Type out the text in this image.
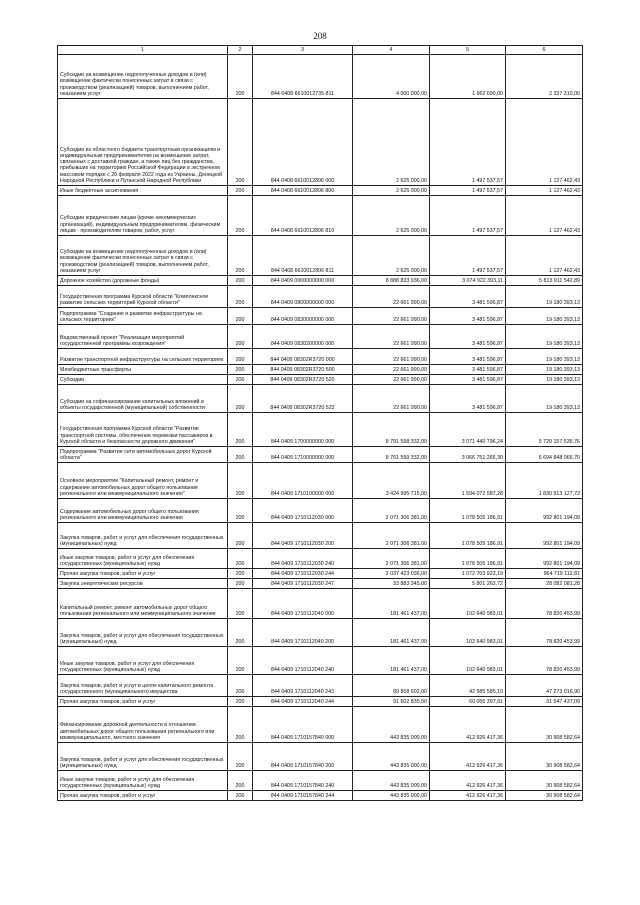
208
1	2	3	4	5	6
Субсидии на возмещение недополученных доходов и (или) возмещение фактически понесенных затрат в связи с производством (реализацией) товаров, выполнением работ, оказанием услуг	200	844 0408 6610012735 811	4 000 000,00	1 662 690,00	2 337 310,00
Субсидии из областного бюджета транспортным организациям и индивидуальным предпринимателям на возмещение затрат, связанных с доставкой граждан, а также лиц без гражданства, прибывших на территорию Российской Федерации в экстренном массовом порядке с 20 февраля 2022 года из Украины, Донецкой Народной Республики и Луганской Народной Республики	200	844 0408 6610012806 000	2 625 000,00	1 497 537,57	1 127 462,43
Иные бюджетные ассигнования	200	844 0408 6610012806 800	2 625 000,00	1 497 537,57	1 127 462,43
Субсидии юридическим лицам (кроме некоммерческих организаций), индивидуальным предпринимателям, физическим лицам - производителям товаров, работ, услуг	200	844 0408 6610012806 810	2 625 000,00	1 497 537,57	1 127 462,43
Субсидии на возмещение недополученных доходов и (или) возмещение фактически понесенных затрат в связи с производством (реализацией) товаров, выполнением работ, оказанием услуг	200	844 0408 6610012806 811	2 625 000,00	1 497 537,57	1 127 462,43
Дорожное хозяйство (дорожные фонды)	200	844 0409 0000000000 000	8 888 833 936,00	3 074 922 393,11	5 813 911 542,89
Государственная программа Курской области "Комплексное развитие сельских территорий Курской области"	200	844 0409 0800000000 000	22 661 990,00	3 481 596,87	19 180 393,13
Подпрограмма "Создание и развитие инфраструктуры на сельских территориях"	200	844 0409 0830000000 000	22 661 990,00	3 481 596,87	19 180 393,13
Ведомственный проект "Реализация мероприятий государственной программы возрождения"	200	844 0409 0830200000 000	22 661 990,00	3 481 596,87	19 180 393,13
Развитие транспортной инфраструктуры на сельских территориях	200	844 0409 08302R3720 000	22 661 990,00	3 481 596,87	19 180 393,13
Межбюджетные трансферты	200	844 0409 08302R3720 500	22 661 990,00	3 481 596,87	19 180 393,13
Субсидии	200	844 0409 08302R3720 520	22 661 990,00	3 481 596,87	19 180 393,13
Субсидии на софинансирование капитальных вложений в объекты государственной (муниципальной) собственности	200	844 0409 08302R3720 522	22 661 990,00	3 481 596,87	19 180 393,13
Государственная программа Курской области "Развитие транспортной системы, обеспечение перевозки пассажиров в Курской области и безопасности дорожного движения"	200	844 0409 1700000000 000	8 791 598 332,00	3 071 440 796,24	5 720 157 535,76
Подпрограмма "Развитие сети автомобильных дорог Курской области"	200	844 0409 1710000000 000	8 761 599 332,00	3 066 751 265,30	5 694 848 066,70
Основное мероприятие "Капитальный ремонт, ремонт и содержание автомобильных дорог общего пользования регионального или межмуниципального значения"	200	844 0409 1710100000 000	3 424 995 715,00	1 594 072 587,28	1 830 913 127,72
Содержание автомобильных дорог общего пользования регионального или межмуниципального значения	200	844 0409 1710112030 000	2 071 306 381,00	1 078 505 186,91	992 801 194,09
Закупка товаров, работ и услуг для обеспечения государственных (муниципальных) нужд	200	844 0409 1710112030 200	2 071 306 381,00	1 078 505 186,91	992 801 194,09
Иные закупки товаров, работ и услуг для обеспечения государственных (муниципальных) нужд	200	844 0409 1710112030 240	2 071 306 381,00	1 078 505 186,91	992 801 194,09
Прочая закупка товаров, работ и услуг	200	844 0409 1710112030 244	2 037 423 036,00	1 072 703 923,19	964 719 112,81
Закупка энергетических ресурсов	200	844 0409 1710112030 247	33 883 345,00	5 801 263,72	28 082 081,28
Капитальный ремонт, ремонт автомобильных дорог общего пользования регионального или межмуниципального значения	200	844 0409 1710112040 000	181 461 437,00	102 640 983,01	78 820 453,99
Закупка товаров, работ и услуг для обеспечения государственных (муниципальных) нужд	200	844 0409 1710112040 200	181 461 437,00	102 640 983,01	78 820 453,99
Иные закупки товаров, работ и услуг для обеспечения государственных (муниципальных) нужд	200	844 0409 1710112040 240	181 461 437,00	102 640 983,01	78 820 453,99
Закупка товаров, работ и услуг в целях капитального ремонта государственного (муниципального) имущества	200	844 0409 1710112040 243	89 858 602,00	42 585 585,10	47 273 016,90
Прочая закупка товаров, работ и услуг	200	844 0409 1710112040 244	91 602 835,00	60 055 397,91	31 547 437,09
Финансирование дорожной деятельности в отношении автомобильных дорог общего пользования регионального или межмуниципального, местного значения	200	844 0409 1710157840 000	443 835 000,00	412 926 417,36	30 908 582,64
Закупка товаров, работ и услуг для обеспечения государственных (муниципальных) нужд	200	844 0409 1710157840 200	443 835 000,00	412 926 417,36	30 908 582,64
Иные закупки товаров, работ и услуг для обеспечения государственных (муниципальных) нужд	200	844 0409 1710157840 240	443 835 000,00	412 926 417,36	30 908 582,64
Прочая закупка товаров, работ и услуг	200	844 0409 1710157840 244	443 835 000,00	412 926 417,36	30 908 582,64
